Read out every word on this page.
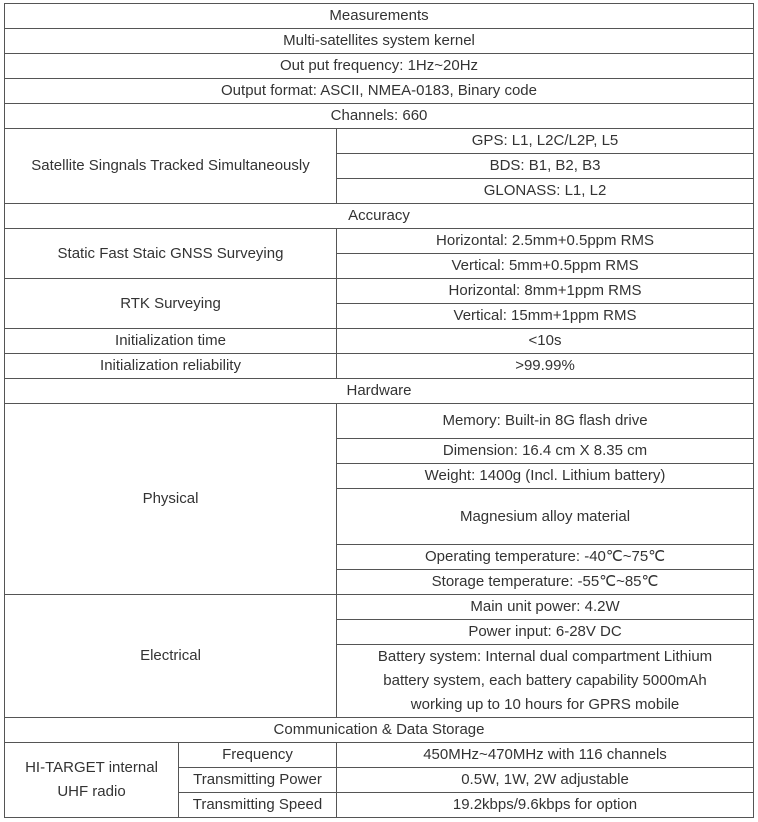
Measurements		
Multi-satellites system kernel		
Out put frequency: 1Hz~20Hz		
Output format: ASCII, NMEA-0183, Binary code		
Channels: 660		
Satellite Singnals Tracked Simultaneously		GPS: L1, L2C/L2P, L5
		BDS: B1, B2, B3
		GLONASS: L1, L2
Accuracy		
Static Fast Staic GNSS Surveying		Horizontal: 2.5mm+0.5ppm RMS
		Vertical: 5mm+0.5ppm RMS
RTK Surveying		Horizontal: 8mm+1ppm RMS
		Vertical: 15mm+1ppm RMS
Initialization time		<10s
Initialization reliability		>99.99%
Hardware		
Physical		Memory: Built-in 8G flash drive
		Dimension: 16.4 cm X 8.35 cm
		Weight: 1400g (Incl. Lithium battery)
		Magnesium alloy material
		Operating temperature: -40℃~75℃
		Storage temperature: -55℃~85℃
Electrical		Main unit power: 4.2W
		Power input: 6-28V DC

		Battery system: Internal dual compartment Lithium
battery system, each battery capability 5000mAh
working up to 10 hours for GPRS mobile

Communication & Data Storage		

HI-TARGET internal
UHF radio	Frequency	450MHz~470MHz with 116 channels
	Transmitting Power	0.5W, 1W, 2W adjustable
	Transmitting Speed	19.2kbps/9.6kbps for option
